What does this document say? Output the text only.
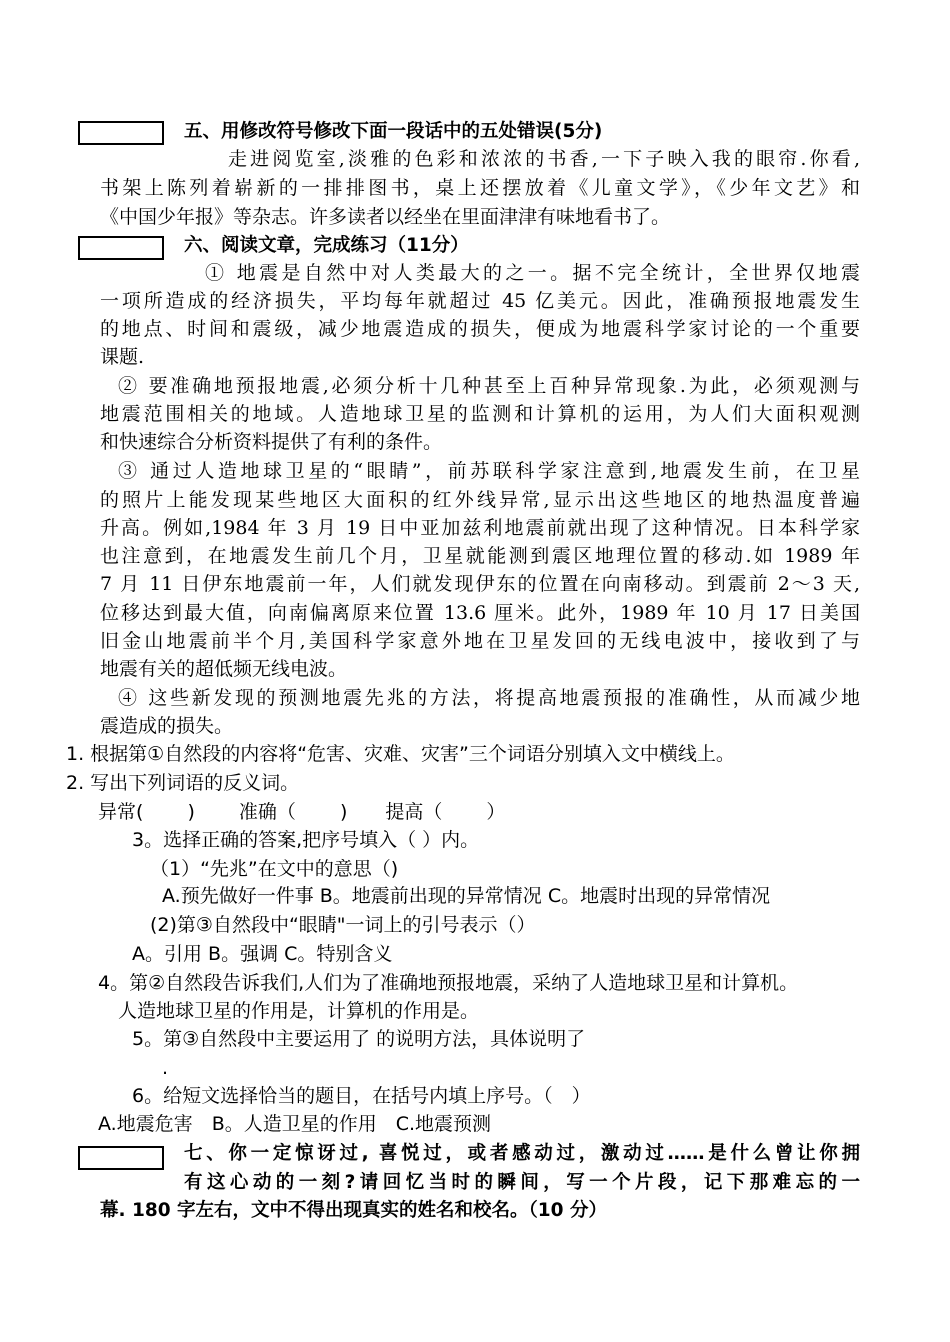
五、用修改符号修改下面一段话中的五处错误(5分)
走进阅览室,淡雅的色彩和浓浓的书香,一下子映入我的眼帘.你看,
书架上陈列着崭新的一排排图书，桌上还摆放着《儿童文学》，《少年文艺》和
《中国少年报》等杂志。许多读者以经坐在里面津津有味地看书了。
六、阅读文章，完成练习（11分）
① 地震是自然中对人类最大的之一。据不完全统计，全世界仅地震
一项所造成的经济损失，平均每年就超过 45 亿美元。因此，准确预报地震发生
的地点、时间和震级，减少地震造成的损失，便成为地震科学家讨论的一个重要
课题.
② 要准确地预报地震,必须分析十几种甚至上百种异常现象.为此，必须观测与
地震范围相关的地域。人造地球卫星的监测和计算机的运用，为人们大面积观测
和快速综合分析资料提供了有利的条件。
③ 通过人造地球卫星的“眼睛”，前苏联科学家注意到,地震发生前，在卫星
的照片上能发现某些地区大面积的红外线异常,显示出这些地区的地热温度普遍
升高。例如,1984 年 3 月 19 日中亚加兹利地震前就出现了这种情况。日本科学家
也注意到，在地震发生前几个月，卫星就能测到震区地理位置的移动.如 1989 年
7 月 11 日伊东地震前一年，人们就发现伊东的位置在向南移动。到震前 2～3 天,
位移达到最大值，向南偏离原来位置 13.6 厘米。此外，1989 年 10 月 17 日美国
旧金山地震前半个月,美国科学家意外地在卫星发回的无线电波中，接收到了与
地震有关的超低频无线电波。
④ 这些新发现的预测地震先兆的方法，将提高地震预报的准确性，从而减少地
震造成的损失。
1. 根据第①自然段的内容将“危害、灾难、灾害”三个词语分别填入文中横线上。
2. 写出下列词语的反义词。
异常(　　 )　　 准确（　　 )　　提高（　　 ）
3。选择正确的答案,把序号填入（ ）内。
（1）“先兆”在文中的意思（)
A.预先做好一件事 B。地震前出现的异常情况 C。地震时出现的异常情况
(2)第③自然段中“眼睛"一词上的引号表示（）
A。引用 B。强调 C。特别含义
4。第②自然段告诉我们,人们为了准确地预报地震，采纳了人造地球卫星和计算机。
人造地球卫星的作用是，计算机的作用是。
5。第③自然段中主要运用了 的说明方法，具体说明了
.
6。给短文选择恰当的题目，在括号内填上序号。（　）
A.地震危害　B。人造卫星的作用　C.地震预测
七、你一定惊讶过, 喜悦过，或者感动过，激动过……是什么曾让你拥
有这心动的一刻?请回忆当时的瞬间，写一个片段，记下那难忘的一
幕. 180 字左右，文中不得出现真实的姓名和校名。（10 分）
